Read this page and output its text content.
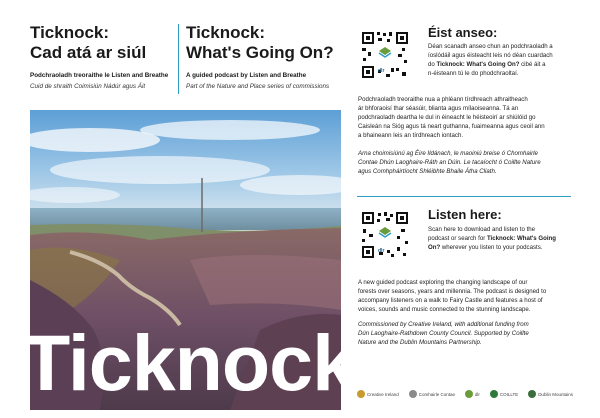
Ticknock:
Cad atá ar siúl
Podchraoladh treoraithe le Listen and Breathe
Cuid de shraith Coimisiún Nádúr agus Áit
Ticknock:
What's Going On?
A guided podcast by Listen and Breathe
Part of the Nature and Place series of commissions
Ticknock
dlr
Éist anseo:
Déan scanadh anseo chun an podchraoladh a
íoslódáil agus éisteacht leis nó déan cuardach
do Ticknock: What's Going On? cibé áit a
n-éisteann tú le do phodchraoltaí.
Podchraoladh treoraithe nua a phléann tírdhreach athraitheach
ár bhforaoisí thar séasúir, blianta agus mílaoiseanna. Tá an
podchraoladh deartha le dul in éineacht le héisteoirí ar shiúlóid go
Caisleán na Sióg agus tá neart guthanna, fuaimeanna agus ceoil ann
a bhaineann leis an tírdhreach iontach.
Arna choimisiúnú ag Éire Ildánach, le maoiniú breise ó Chomhairle
Contae Dhún Laoghaire-Ráth an Dúin. Le tacaíocht ó Coillte Nature
agus Comhpháirtíocht Shléibhte Bhaile Átha Cliath.
dlr
Listen here:
Scan here to download and listen to the
podcast or search for Ticknock: What's Going
On? wherever you listen to your podcasts.
A new guided podcast exploring the changing landscape of our
forests over seasons, years and millennia. The podcast is designed to
accompany listeners on a walk to Fairy Castle and features a host of
voices, sounds and music connected to the stunning landscape.
Commissioned by Creative Ireland, with additional funding from
Dún Laoghaire-Rathdown County Council. Supported by Coillte
Nature and the Dublin Mountains Partnership.
Creative Ireland	Comhairle Contae	dlr	COILLTE	Dublin Mountains
